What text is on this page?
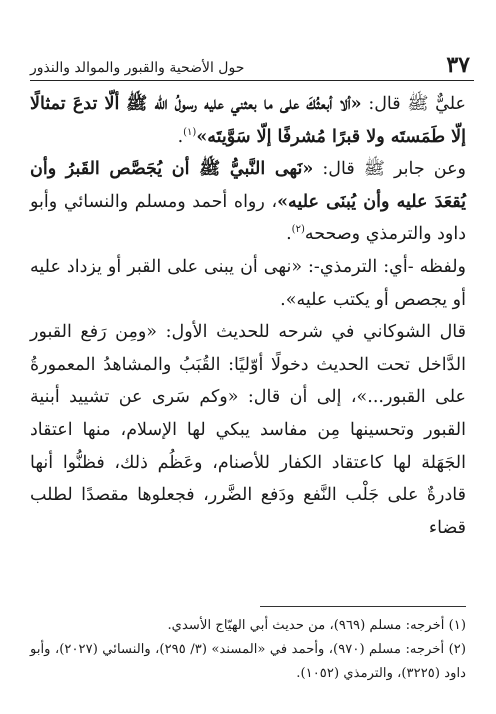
٣٧
حول الأضحية والقبور والموالد والنذور

عليٌّ ﷺ قال: «ألا أبعثُكَ على ما بعثني عليه رسولُ الله ﷺ ألّا تدعَ تمثالًا إلّا طَمَستَه ولا قبرًا مُشرفًا إلّا سَوَّيتَه»$^{(١)}$.

وعن جابر ﷺ قال: «نَهى النَّبيُّ ﷺ أن يُجَصَّص القَبرُ وأن يُقعَدَ عليه وأن يُبنَى عليه»، رواه أحمد ومسلم والنسائي وأبو داود والترمذي وصححه$^{(٢)}$.

ولفظه -أي: الترمذي-: «نهى أن يبنى على القبر أو يزداد عليه أو يجصص أو يكتب عليه».

قال الشوكاني في شرحه للحديث الأول: «ومِن رَفع القبور الدَّاخل تحت الحديث دخولًا أوّليًا: القُبَبُ والمشاهدُ المعمورةُ على القبور...»، إلى أن قال: «وكم سَرى عن تشييد أبنية القبور وتحسينها مِن مفاسد يبكي لها الإسلام، منها اعتقاد الجَهَلة لها كاعتقاد الكفار للأصنام، وعَظُم ذلك، فظنُّوا أنها قادرةٌ على جَلْب النَّفع ودَفع الضَّرر، فجعلوها مقصدًا لطلب قضاء

(١) أخرجه: مسلم (٩٦٩)، من حديث أبي الهيّاج الأسدي.

(٢) أخرجه: مسلم (٩٧٠)، وأحمد في «المسند» (٣/ ٢٩٥)، والنسائي (٢٠٢٧)، وأبو داود (٣٢٢٥)، والترمذي (١٠٥٢).
